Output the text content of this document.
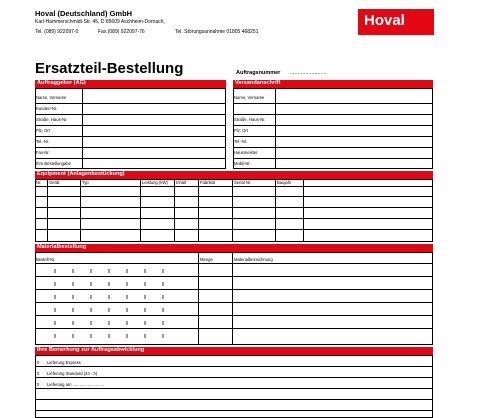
Hoval (Deutschland) GmbH
Karl-Hammerschmidt-Str. 45, D 85609 Aschheim-Dornach,
Tel. (089) 922097-0	Fax.(089) 922097-76	Tel. Störungsannahme 01805 468251
Hoval
Ersatzteil-Bestellung	Auftragsnummer .......................
Auftraggeber (AG)	Versandanschrift
Name, Vorname
Kunden-Nr.
Straße, Haus-Nr.
Plz, Ort
Tel.-Nr.
Fax-Nr.
Ihre Bestellungabe
Name, Vorname
Straße, Haus-Nr.
Plz, Ort
Tel.-Nr.
Hausmeister
Mobil-Nr.
Equipment (Anlagenbestückung)
Nr. Gerät	Typ	Leistung (kW) Inhalt	Fabrikat	Serial Nr.	Baujahr
Materialbestellung
Bestell-Nr.	Menge	Materialbezeichnung
Ihre Bemerkung zur Auftragsabwicklung
0 Lieferung Express
0 Lieferung Standard (24 - h)
0 Lieferung am ...........................
